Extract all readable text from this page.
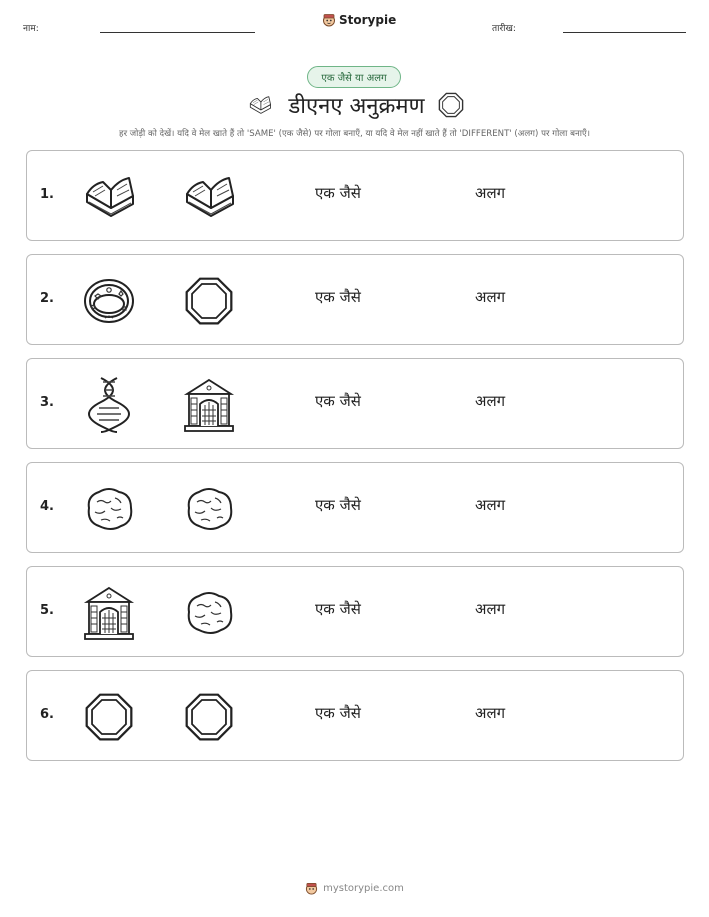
नाम:
Storypie
तारीख:
एक जैसे या अलग
डीएनए अनुक्रमण
हर जोड़ी को देखें। यदि वे मेल खाते हैं तो 'SAME' (एक जैसे) पर गोला बनाएँ, या यदि वे मेल नहीं खाते हैं तो 'DIFFERENT' (अलग) पर गोला बनाएँ।
1.	एक जैसे	अलग
2.	एक जैसे	अलग
3.	एक जैसे	अलग
4.	एक जैसे	अलग
5.	एक जैसे	अलग
6.	एक जैसे	अलग
mystorypie.com
